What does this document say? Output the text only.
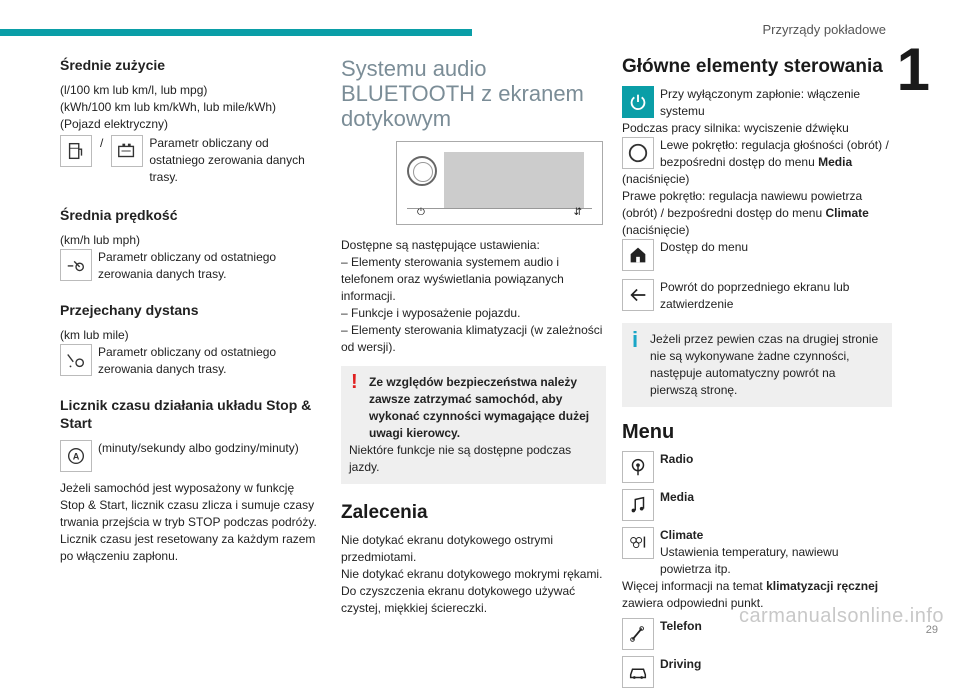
Przyrządy pokładowe
1
carmanualsonline.info
29
Średnie zużycie

(l/100 km lub km/l, lub mpg)
(kWh/100 km lub km/kWh, lub mile/kWh) (Pojazd elektryczny)

/	Parametr obliczany od ostatniego zerowania danych trasy.

Średnia prędkość

(km/h lub mph)

Parametr obliczany od ostatniego zerowania danych trasy.

Przejechany dystans

(km lub mile)

Parametr obliczany od ostatniego zerowania danych trasy.

Licznik czasu działania układu Stop & Start
A

(minuty/sekundy albo godziny/minuty)

Jeżeli samochód jest wyposażony w funkcję Stop & Start, licznik czasu zlicza i sumuje czasy trwania przejścia w tryb STOP podczas podróży.

Licznik czasu jest resetowany za każdym razem po włączeniu zapłonu.

Systemu audio BLUETOOTH z ekranem dotykowym
⏻	⇵

Dostępne są następujące ustawienia:

– Elementy sterowania systemem audio i telefonem oraz wyświetlania powiązanych informacji.

– Funkcje i wyposażenie pojazdu.

– Elementy sterowania klimatyzacji (w zależności od wersji).

! Ze względów bezpieczeństwa należy zawsze zatrzymać samochód, aby wykonać czynności wymagające dużej uwagi kierowcy.

Niektóre funkcje nie są dostępne podczas jazdy.

Zalecenia

Nie dotykać ekranu dotykowego ostrymi przedmiotami.

Nie dotykać ekranu dotykowego mokrymi rękami.

Do czyszczenia ekranu dotykowego używać czystej, miękkiej ściereczki.

Główne elementy sterowania

Przy wyłączonym zapłonie: włączenie systemu

Podczas pracy silnika: wyciszenie dźwięku

Lewe pokrętło: regulacja głośności (obrót) / bezpośredni dostęp do menu Media

(naciśnięcie)

Prawe pokrętło: regulacja nawiewu powietrza (obrót) / bezpośredni dostęp do menu Climate (naciśnięcie)

Dostęp do menu

Powrót do poprzedniego ekranu lub zatwierdzenie

i Jeżeli przez pewien czas na drugiej stronie nie są wykonywane żadne czynności, następuje automatyczny powrót na pierwszą stronę.

Menu
Radio
Media

Climate

Ustawienia temperatury, nawiewu powietrza itp.

Więcej informacji na temat klimatyzacji ręcznej zawiera odpowiedni punkt.

Telefon
Driving
